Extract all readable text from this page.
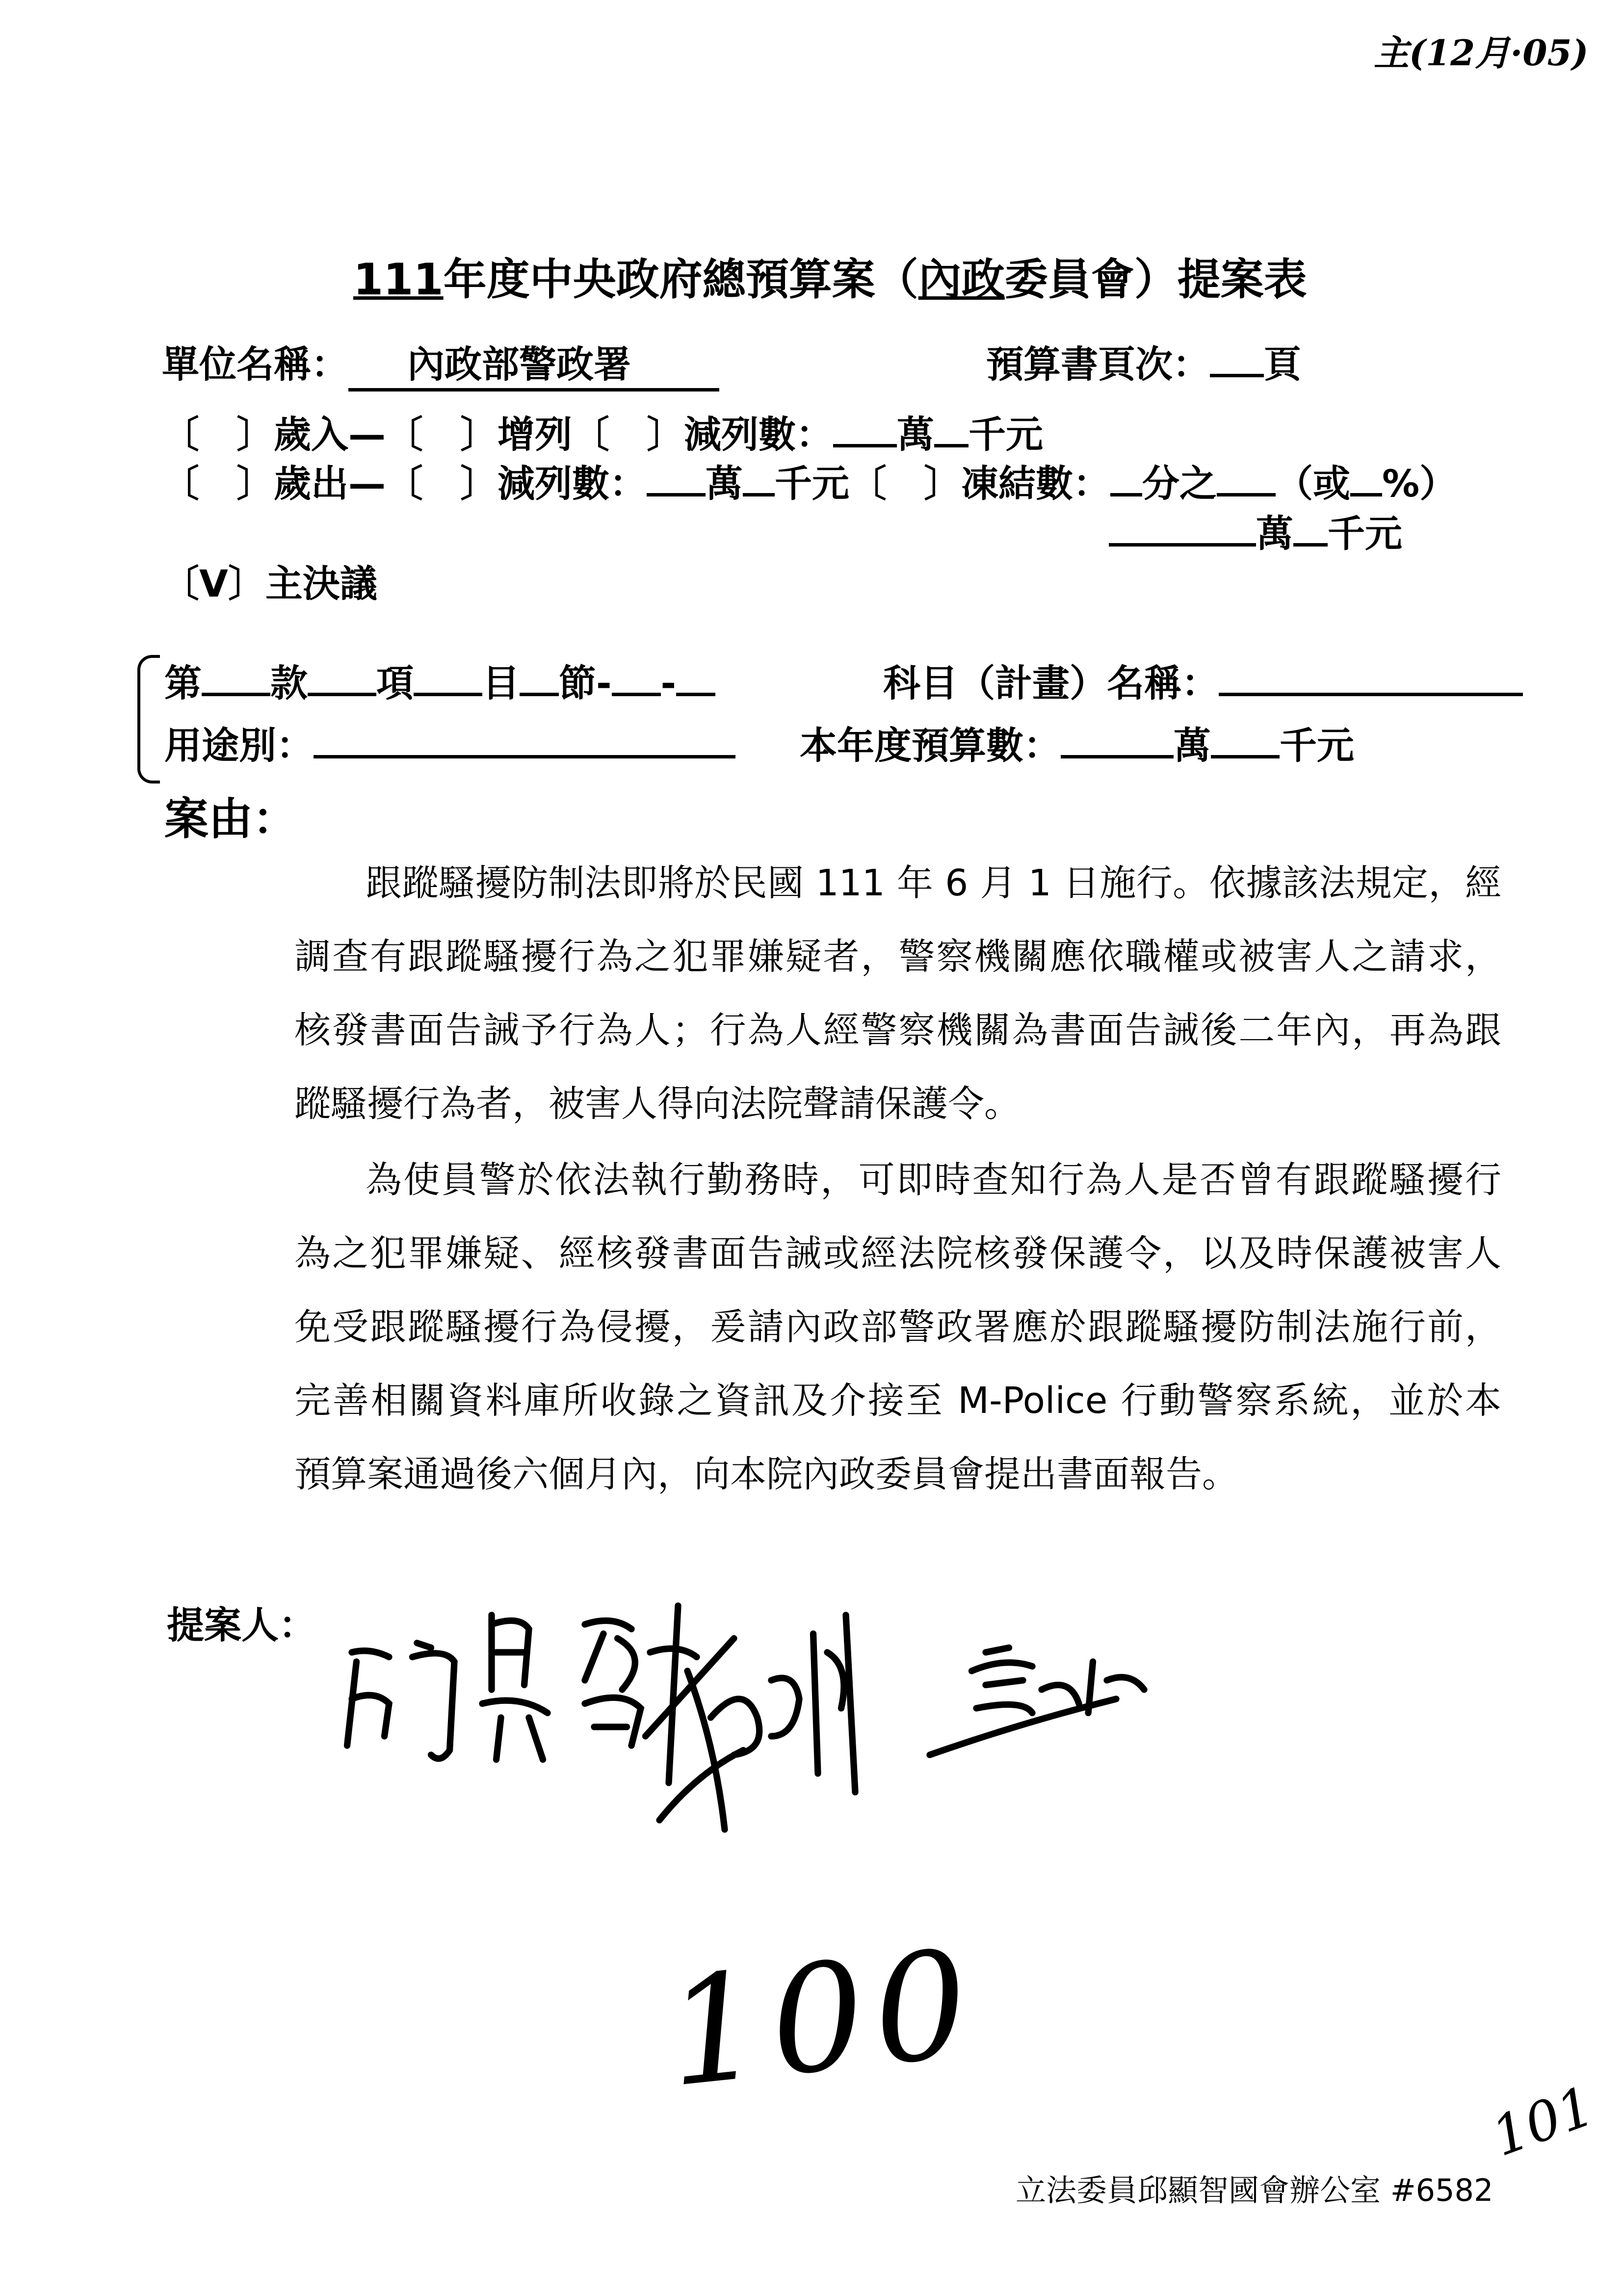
主(12月·05)
111年度中央政府總預算案（內政委員會）提案表
單位名稱： 內政部警政署	預算書頁次： 頁
〔　〕歲入—〔　〕增列〔　〕減列數： 萬 千元
〔　〕歲出—〔　〕減列數： 萬 千元〔　〕凍結數： 分之 （或 %）
萬 千元
〔V〕主決議
第 款 項 目 節- -	科目（計畫）名稱：
用途別：	本年度預算數：	萬 千元
案由：
跟蹤騷擾防制法即將於民國 111 年 6 月 1 日施行。依據該法規定，經
調查有跟蹤騷擾行為之犯罪嫌疑者，警察機關應依職權或被害人之請求，
核發書面告誡予行為人；行為人經警察機關為書面告誡後二年內，再為跟
蹤騷擾行為者，被害人得向法院聲請保護令。
為使員警於依法執行勤務時，可即時查知行為人是否曾有跟蹤騷擾行
為之犯罪嫌疑、經核發書面告誡或經法院核發保護令，以及時保護被害人
免受跟蹤騷擾行為侵擾，爰請內政部警政署應於跟蹤騷擾防制法施行前，
完善相關資料庫所收錄之資訊及介接至 M-Police 行動警察系統，並於本
預算案通過後六個月內，向本院內政委員會提出書面報告。
提案人：
100
101
立法委員邱顯智國會辦公室 #6582
